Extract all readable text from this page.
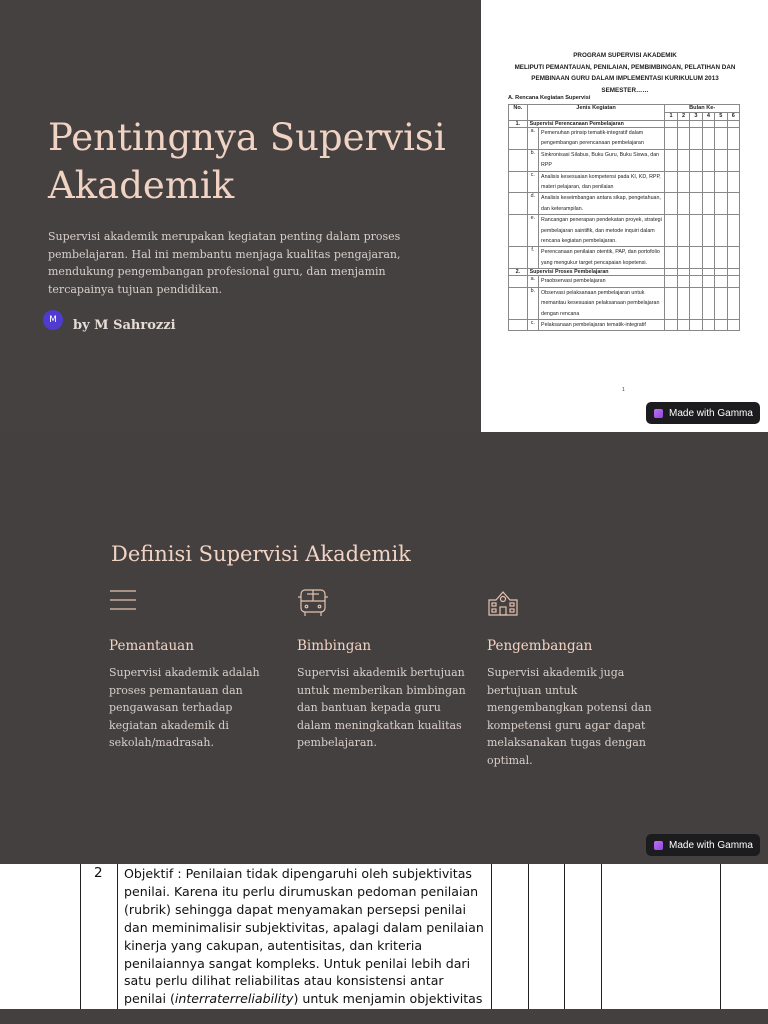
Pentingnya Supervisi Akademik

Supervisi akademik merupakan kegiatan penting dalam proses pembelajaran. Hal ini membantu menjaga kualitas pengajaran, mendukung pengembangan profesional guru, dan menjamin tercapainya tujuan pendidikan.

M	by M Sahrozzi
PROGRAM SUPERVISI AKADEMIK
MELIPUTI PEMANTAUAN, PENILAIAN, PEMBIMBINGAN, PELATIHAN DAN
PEMBINAAN GURU DALAM IMPLEMENTASI KURIKULUM 2013
SEMESTER……
A. Rencana Kegiatan Supervisi
No.	Jenis Kegiatan		Bulan Ke-					
			1	2	3	4	5	6
1.	Supervisi Perencanaan Pembelajaran							
	a.	Pemenuhan prinsip tematik-integratif dalam pengembangan perencanaan pembelajaran						
	b.	Sinkronisasi Silabus, Buku Guru, Buku Siswa, dan RPP						
	c.	Analisis kesesuaian kompetensi pada KI, KD, RPP, materi pelajaran, dan penilaian						
	d.	Analisis keseimbangan antara sikap, pengetahuan, dan keterampilan.						
	e.	Rancangan penerapan pendekatan proyek, strategi pembelajaran saintifik, dan metode inquiri dalam rencana kegiatan pembelajaran.						
	f.	Perencanaan penilaian otentik, PAP, dan portofolio yang mengukur target pencapaian kopetensi.						
2.	Supervisi Proses Pembelajaran							
	a.	Praobservasi pembelajaran						
	b.	Observasi pelaksanaan pembelajaran untuk memantau kesesuaian pelaksanaan pembelajaran dengan rencana						
	c.	Pelaksanaan pembelajaran tematik-integratif						
1
Made with Gamma
Definisi Supervisi Akademik
Pemantauan
Supervisi akademik adalah proses pemantauan dan pengawasan terhadap kegiatan akademik di sekolah/madrasah.
Bimbingan
Supervisi akademik bertujuan untuk memberikan bimbingan dan bantuan kepada guru dalam meningkatkan kualitas pembelajaran.
Pengembangan
Supervisi akademik juga bertujuan untuk mengembangkan potensi dan kompetensi guru agar dapat melaksanakan tugas dengan optimal.
Made with Gamma
2 Objektif : Penilaian tidak dipengaruhi oleh subjektivitas penilai. Karena itu perlu dirumuskan pedoman penilaian (rubrik) sehingga dapat menyamakan persepsi penilai dan meminimalisir subjektivitas, apalagi dalam penilaian kinerja yang cakupan, autentisitas, dan kriteria penilaiannya sangat kompleks. Untuk penilai lebih dari satu perlu dilihat reliabilitas atau konsistensi antar penilai (interraterreliability) untuk menjamin objektivitas
